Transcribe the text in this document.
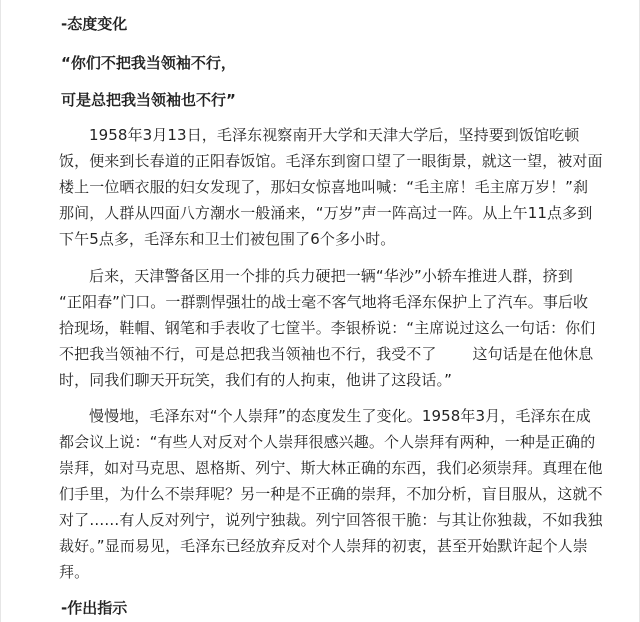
-态度变化
“你们不把我当领袖不行，
可是总把我当领袖也不行”
1958年3月13日，毛泽东视察南开大学和天津大学后，坚持要到饭馆吃顿
饭，便来到长春道的正阳春饭馆。毛泽东到窗口望了一眼街景，就这一望，被对面
楼上一位晒衣服的妇女发现了，那妇女惊喜地叫喊：“毛主席！毛主席万岁！”刹
那间，人群从四面八方潮水一般涌来，“万岁”声一阵高过一阵。从上午11点多到
下午5点多，毛泽东和卫士们被包围了6个多小时。
后来，天津警备区用一个排的兵力硬把一辆“华沙”小轿车推进人群，挤到
“正阳春”门口。一群剽悍强壮的战士毫不客气地将毛泽东保护上了汽车。事后收
拾现场，鞋帽、钢笔和手表收了七筐半。李银桥说：“主席说过这么一句话：你们
不把我当领袖不行，可是总把我当领袖也不行，我受不了 这句话是在他休息
时，同我们聊天开玩笑，我们有的人拘束，他讲了这段话。”
慢慢地，毛泽东对“个人崇拜”的态度发生了变化。1958年3月，毛泽东在成
都会议上说：“有些人对反对个人崇拜很感兴趣。个人崇拜有两种，一种是正确的
崇拜，如对马克思、恩格斯、列宁、斯大林正确的东西，我们必须崇拜。真理在他
们手里，为什么不崇拜呢？另一种是不正确的崇拜，不加分析，盲目服从，这就不
对了……有人反对列宁，说列宁独裁。列宁回答很干脆：与其让你独裁，不如我独
裁好。”显而易见，毛泽东已经放弃反对个人崇拜的初衷，甚至开始默许起个人崇
拜。
-作出指示
